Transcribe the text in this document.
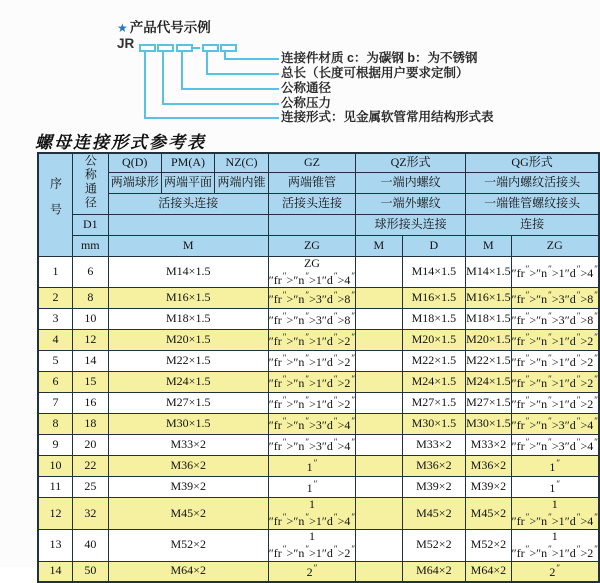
★ 产品代号示例
JR
连接件材质 c：为碳钢 b：为不锈钢
总长（长度可根据用户要求定制）
公称通径
公称压力
连接形式：见金属软管常用结构形式表
螺母连接形式参考表
序号	公称通径	Q(D)	PM(A)	NZ(C)	GZ	QZ形式		QG形式	
		两端球形	两端平面	两端内锥	两端锥管	一端内螺纹		一端内螺纹活接头	
		活接头连接			活接头连接	一端外螺纹		一端锥管螺纹接头	
	D1					球形接头连接		连接	
	mm	M			ZG	M	D	M	ZG
1	6	M14×1.5			ZG ″fr″>″n″>1″d″>4″		M14×1.5	M14×1.5	″fr″>″n″>1″d″>4″
2	8	M16×1.5			″fr″>″n″>3″d″>8″		M16×1.5	M16×1.5	″fr″>″n″>3″d″>8″
3	10	M18×1.5			″fr″>″n″>3″d″>8″		M18×1.5	M18×1.5	″fr″>″n″>3″d″>8″
4	12	M20×1.5			″fr″>″n″>1″d″>2″		M20×1.5	M20×1.5	″fr″>″n″>1″d″>2″
5	14	M22×1.5			″fr″>″n″>1″d″>2″		M22×1.5	M22×1.5	″fr″>″n″>1″d″>2″
6	15	M24×1.5			″fr″>″n″>1″d″>2″		M24×1.5	M24×1.5	″fr″>″n″>1″d″>2″
7	16	M27×1.5			″fr″>″n″>1″d″>2″		M27×1.5	M27×1.5	″fr″>″n″>1″d″>2″
8	18	M30×1.5			″fr″>″n″>3″d″>4″		M30×1.5	M30×1.5	″fr″>″n″>3″d″>4″
9	20	M33×2			″fr″>″n″>3″d″>4″		M33×2	M33×2	″fr″>″n″>3″d″>4″
10	22	M36×2			1″		M36×2	M36×2	1″
11	25	M39×2			1″		M39×2	M39×2	1″
12	32	M45×2			1 ″fr″>″n″>1″d″>4″		M45×2	M45×2	1 ″fr″>″n″>1″d″>4″
13	40	M52×2			1 ″fr″>″n″>1″d″>2″		M52×2	M52×2	1 ″fr″>″n″>1″d″>2″
14	50	M64×2			2″		M64×2	M64×2	2″
